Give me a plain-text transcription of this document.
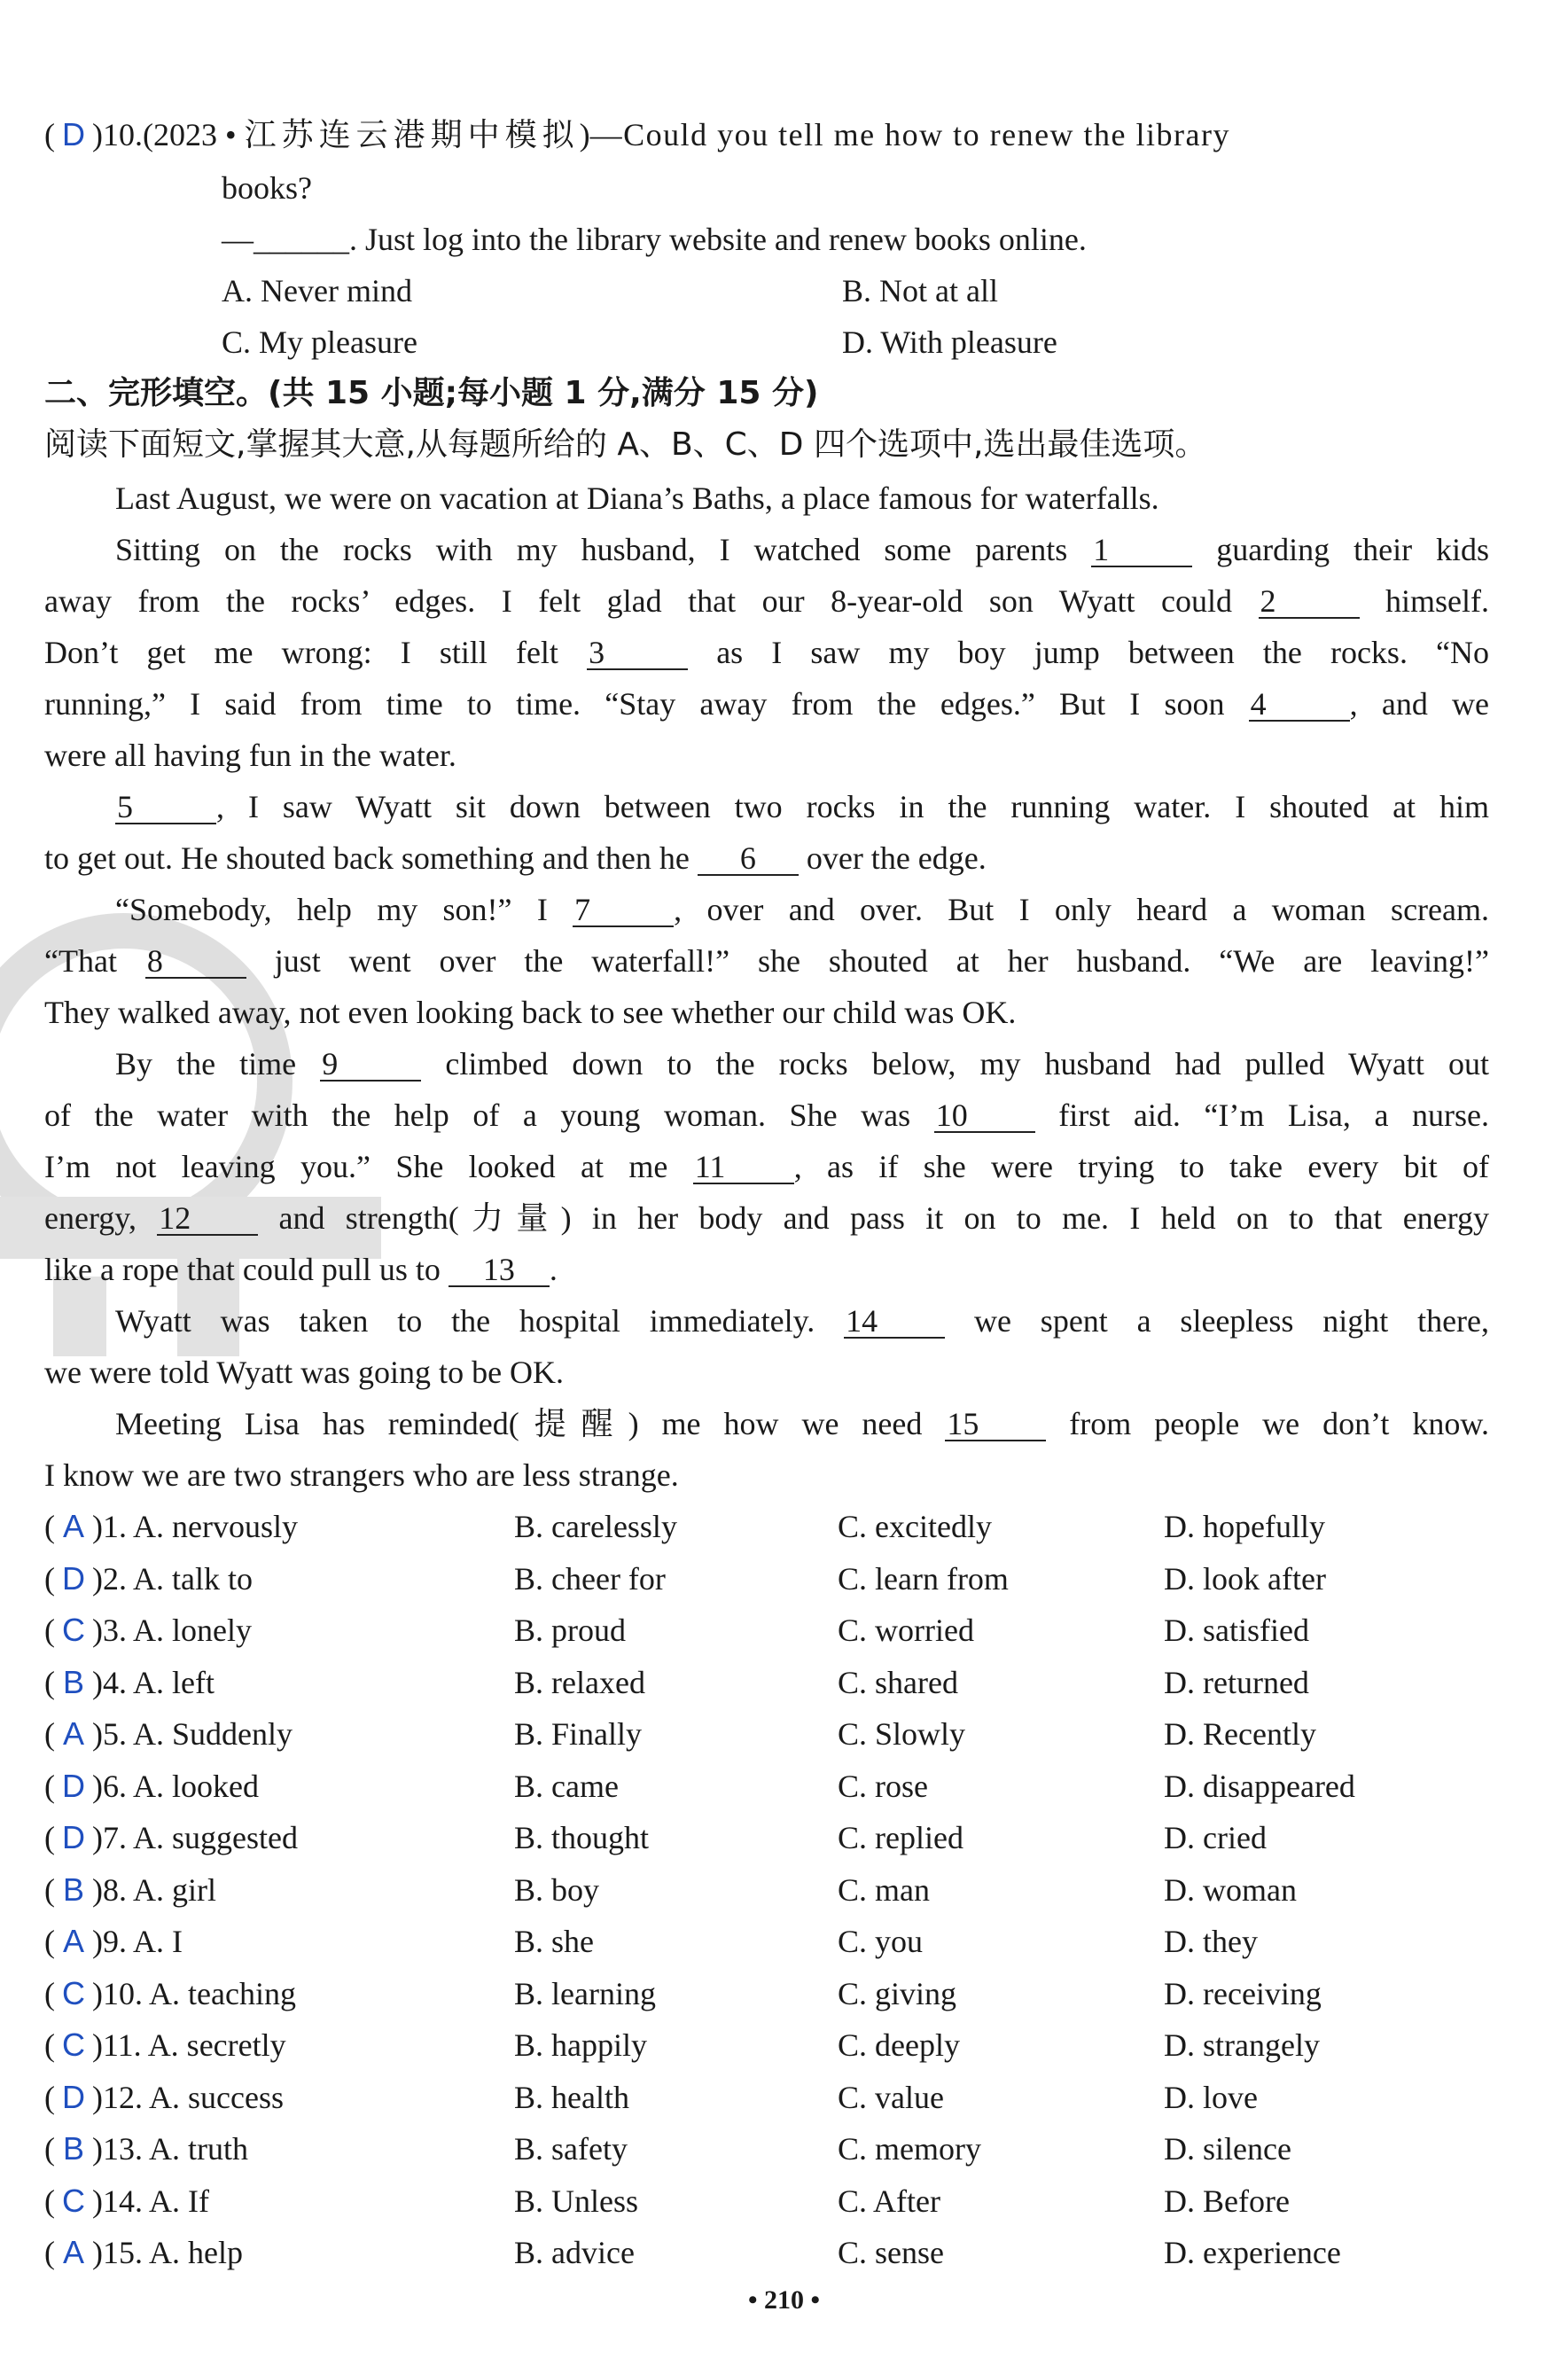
( D )10.(2023 • 江苏连云港期中模拟)—Could you tell me how to renew the library
books?
—______. Just log into the library website and renew books online.
A. Never mind	B. Not at all
C. My pleasure	D. With pleasure
二、完形填空。(共 15 小题;每小题 1 分,满分 15 分)
阅读下面短文,掌握其大意,从每题所给的 A、B、C、D 四个选项中,选出最佳选项。
Last August, we were on vacation at Diana’s Baths, a place famous for waterfalls.
Sitting on the rocks with my husband, I watched some parents 1	guarding their kids
away from the rocks’ edges. I felt glad that our 8-year-old son Wyatt could 2	himself.
Don’t get me wrong: I still felt 3	as I saw my boy jump between the rocks. “No
running,” I said from time to time. “Stay away from the edges.” But I soon 4	, and we
were all having fun in the water.
5	, I saw Wyatt sit down between two rocks in the running water. I shouted at him
to get out. He shouted back something and then he 6 over the edge.
“Somebody, help my son!” I 7	, over and over. But I only heard a woman scream.
“That 8	just went over the waterfall!” she shouted at her husband. “We are leaving!”
They walked away, not even looking back to see whether our child was OK.
By the time 9	climbed down to the rocks below, my husband had pulled Wyatt out
of the water with the help of a young woman. She was 10	first aid. “I’m Lisa, a nurse.
I’m not leaving you.” She looked at me 11 , as if she were trying to take every bit of
energy, 12	and strength(力量) in her body and pass it on to me. I held on to that energy
like a rope that could pull us to 13 .
Wyatt was taken to the hospital immediately. 14	we spent a sleepless night there,
we were told Wyatt was going to be OK.
Meeting Lisa has reminded(提醒) me how we need 15	from people we don’t know.
I know we are two strangers who are less strange.
( A )1. A. nervously	B. carelessly	C. excitedly	D. hopefully
( D )2. A. talk to	B. cheer for	C. learn from	D. look after
( C )3. A. lonely	B. proud	C. worried	D. satisfied
( B )4. A. left	B. relaxed	C. shared	D. returned
( A )5. A. Suddenly	B. Finally	C. Slowly	D. Recently
( D )6. A. looked	B. came	C. rose	D. disappeared
( D )7. A. suggested	B. thought	C. replied	D. cried
( B )8. A. girl	B. boy	C. man	D. woman
( A )9. A. I	B. she	C. you	D. they
( C )10. A. teaching	B. learning	C. giving	D. receiving
( C )11. A. secretly	B. happily	C. deeply	D. strangely
( D )12. A. success	B. health	C. value	D. love
( B )13. A. truth	B. safety	C. memory	D. silence
( C )14. A. If	B. Unless	C. After	D. Before
( A )15. A. help	B. advice	C. sense	D. experience
• 210 •
